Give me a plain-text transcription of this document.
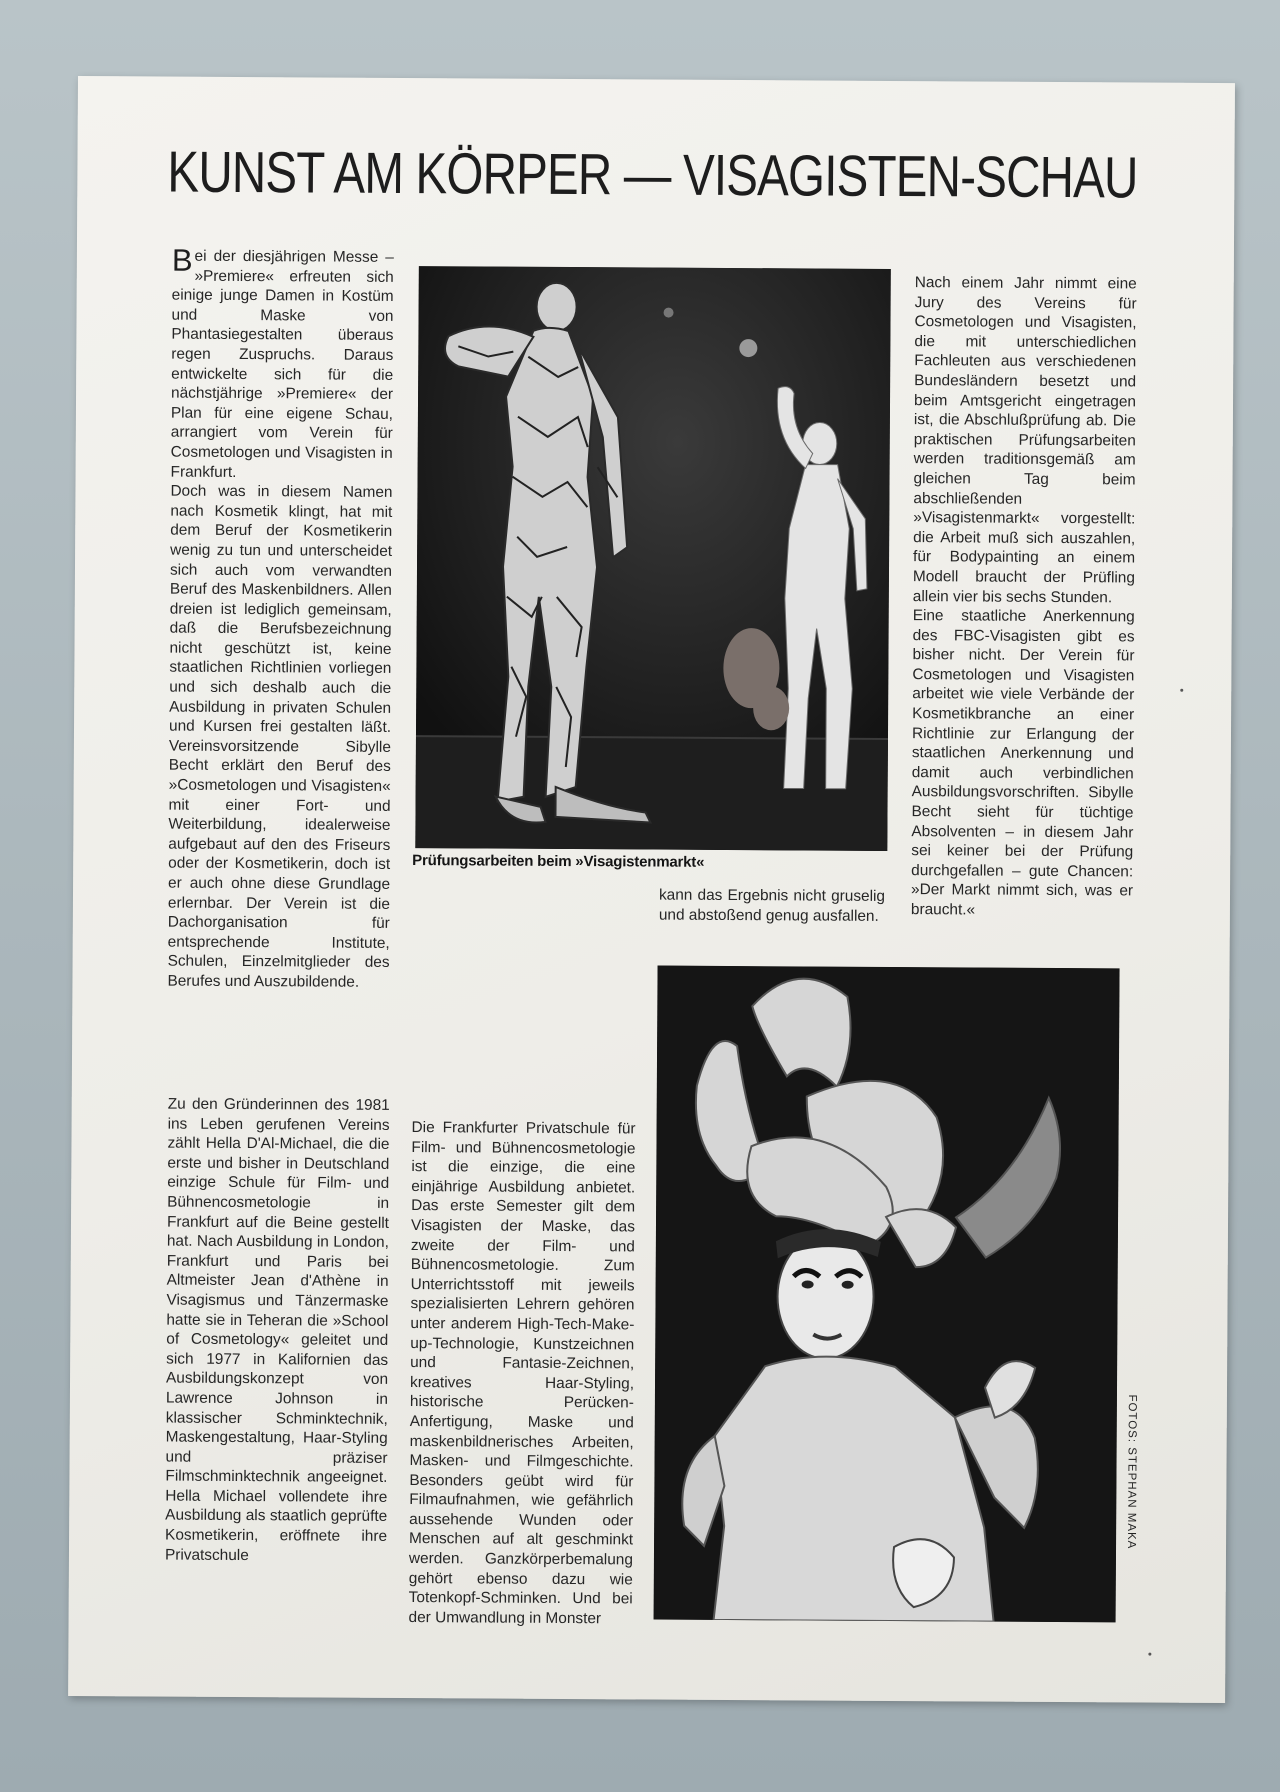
KUNST AM KÖRPER — VISAGISTEN-SCHAU

Bei der diesjährigen Messe – »Premiere« erfreuten sich einige junge Damen in Kostüm und Maske von Phantasiegestalten überaus regen Zuspruchs. Daraus entwickelte sich für die nächstjährige »Premiere« der Plan für eine eigene Schau, arrangiert vom Verein für Cosmetologen und Visagisten in Frankfurt.

Doch was in diesem Namen nach Kosmetik klingt, hat mit dem Beruf der Kosmetikerin wenig zu tun und unterscheidet sich auch vom verwandten Beruf des Maskenbildners. Allen dreien ist lediglich gemeinsam, daß die Berufsbezeichnung nicht geschützt ist, keine staatlichen Richtlinien vorliegen und sich deshalb auch die Ausbildung in privaten Schulen und Kursen frei gestalten läßt. Vereinsvorsitzende Sibylle Becht erklärt den Beruf des »Cosmetologen und Visagisten« mit einer Fort- und Weiterbildung, idealerweise aufgebaut auf den des Friseurs oder der Kosmetikerin, doch ist er auch ohne diese Grundlage erlernbar. Der Verein ist die Dachorganisation für entsprechende Institute, Schulen, Einzelmitglieder des Berufes und Auszubildende.

Prüfungsarbeiten beim »Visagistenmarkt«

kann das Ergebnis nicht gruselig und abstoßend genug ausfallen.

Nach einem Jahr nimmt eine Jury des Vereins für Cosmetologen und Visagisten, die mit unterschiedlichen Fachleuten aus verschiedenen Bundesländern besetzt und beim Amtsgericht eingetragen ist, die Abschlußprüfung ab. Die praktischen Prüfungsarbeiten werden traditionsgemäß am gleichen Tag beim abschließenden »Visagistenmarkt« vorgestellt: die Arbeit muß sich auszahlen, für Bodypainting an einem Modell braucht der Prüfling allein vier bis sechs Stunden.

Eine staatliche Anerkennung des FBC-Visagisten gibt es bisher nicht. Der Verein für Cosmetologen und Visagisten arbeitet wie viele Verbände der Kosmetikbranche an einer Richtlinie zur Erlangung der staatlichen Anerkennung und damit auch verbindlichen Ausbildungsvorschriften. Sibylle Becht sieht für tüchtige Absolventen – in diesem Jahr sei keiner bei der Prüfung durchgefallen – gute Chancen: »Der Markt nimmt sich, was er braucht.«

Zu den Gründerinnen des 1981 ins Leben gerufenen Vereins zählt Hella D'Al-Michael, die die erste und bisher in Deutschland einzige Schule für Film- und Bühnencosmetologie in Frankfurt auf die Beine gestellt hat. Nach Ausbildung in London, Frankfurt und Paris bei Altmeister Jean d'Athène in Visagismus und Tänzermaske hatte sie in Teheran die »School of Cosmetology« geleitet und sich 1977 in Kalifornien das Ausbildungskonzept von Lawrence Johnson in klassischer Schminktechnik, Maskengestaltung, Haar-Styling und präziser Filmschminktechnik angeeignet. Hella Michael vollendete ihre Ausbildung als staatlich geprüfte Kosmetikerin, eröffnete ihre Privatschule

Die Frankfurter Privatschule für Film- und Bühnencosmetologie ist die einzige, die eine einjährige Ausbildung anbietet. Das erste Semester gilt dem Visagisten der Maske, das zweite der Film- und Bühnencosmetologie. Zum Unterrichtsstoff mit jeweils spezialisierten Lehrern gehören unter anderem High-Tech-Make-up-Technologie, Kunstzeichnen und Fantasie-Zeichnen, kreatives Haar-Styling, historische Perücken-Anfertigung, Maske und maskenbildnerisches Arbeiten, Masken- und Filmgeschichte. Besonders geübt wird für Filmaufnahmen, wie gefährlich aussehende Wunden oder Menschen auf alt geschminkt werden. Ganzkörperbemalung gehört ebenso dazu wie Totenkopf-Schminken. Und bei der Umwandlung in Monster

FOTOS: STEPHAN MAKA
